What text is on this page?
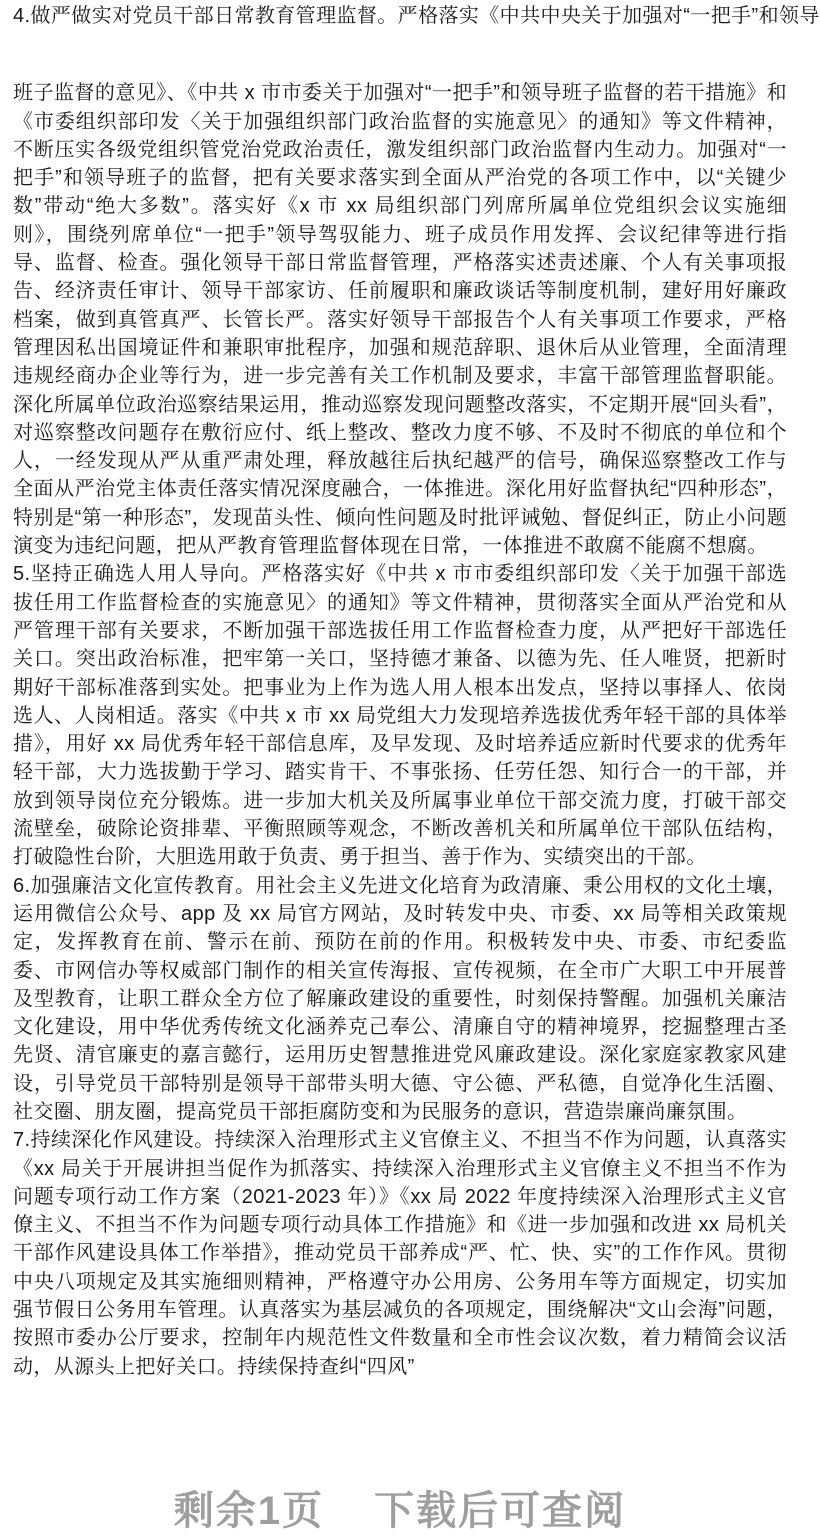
4.做严做实对党员干部日常教育管理监督。严格落实《中共中央关于加强对“一把手”和领导

班子监督的意见》、《中共 x 市市委关于加强对“一把手”和领导班子监督的若干措施》和《市委组织部印发〈关于加强组织部门政治监督的实施意见〉的通知》等文件精神，不断压实各级党组织管党治党政治责任，激发组织部门政治监督内生动力。加强对“一把手”和领导班子的监督，把有关要求落实到全面从严治党的各项工作中，以“关键少数”带动“绝大多数”。落实好《x 市 xx 局组织部门列席所属单位党组织会议实施细则》，围绕列席单位“一把手”领导驾驭能力、班子成员作用发挥、会议纪律等进行指导、监督、检查。强化领导干部日常监督管理，严格落实述责述廉、个人有关事项报告、经济责任审计、领导干部家访、任前履职和廉政谈话等制度机制，建好用好廉政档案，做到真管真严、长管长严。落实好领导干部报告个人有关事项工作要求，严格管理因私出国境证件和兼职审批程序，加强和规范辞职、退休后从业管理，全面清理违规经商办企业等行为，进一步完善有关工作机制及要求，丰富干部管理监督职能。深化所属单位政治巡察结果运用，推动巡察发现问题整改落实，不定期开展“回头看”，对巡察整改问题存在敷衍应付、纸上整改、整改力度不够、不及时不彻底的单位和个人，一经发现从严从重严肃处理，释放越往后执纪越严的信号，确保巡察整改工作与全面从严治党主体责任落实情况深度融合，一体推进。深化用好监督执纪“四种形态”，特别是“第一种形态”，发现苗头性、倾向性问题及时批评诫勉、督促纠正，防止小问题演变为违纪问题，把从严教育管理监督体现在日常，一体推进不敢腐不能腐不想腐。

5.坚持正确选人用人导向。严格落实好《中共 x 市市委组织部印发〈关于加强干部选拔任用工作监督检查的实施意见〉的通知》等文件精神，贯彻落实全面从严治党和从严管理干部有关要求，不断加强干部选拔任用工作监督检查力度，从严把好干部选任关口。突出政治标准，把牢第一关口，坚持德才兼备、以德为先、任人唯贤，把新时期好干部标准落到实处。把事业为上作为选人用人根本出发点，坚持以事择人、依岗选人、人岗相适。落实《中共 x 市 xx 局党组大力发现培养选拔优秀年轻干部的具体举措》，用好 xx 局优秀年轻干部信息库，及早发现、及时培养适应新时代要求的优秀年轻干部，大力选拔勤于学习、踏实肯干、不事张扬、任劳任怨、知行合一的干部，并放到领导岗位充分锻炼。进一步加大机关及所属事业单位干部交流力度，打破干部交流壁垒，破除论资排辈、平衡照顾等观念，不断改善机关和所属单位干部队伍结构，打破隐性台阶，大胆选用敢于负责、勇于担当、善于作为、实绩突出的干部。

6.加强廉洁文化宣传教育。用社会主义先进文化培育为政清廉、秉公用权的文化土壤，运用微信公众号、app 及 xx 局官方网站，及时转发中央、市委、xx 局等相关政策规定，发挥教育在前、警示在前、预防在前的作用。积极转发中央、市委、市纪委监委、市网信办等权威部门制作的相关宣传海报、宣传视频，在全市广大职工中开展普及型教育，让职工群众全方位了解廉政建设的重要性，时刻保持警醒。加强机关廉洁文化建设，用中华优秀传统文化涵养克己奉公、清廉自守的精神境界，挖掘整理古圣先贤、清官廉吏的嘉言懿行，运用历史智慧推进党风廉政建设。深化家庭家教家风建设，引导党员干部特别是领导干部带头明大德、守公德、严私德，自觉净化生活圈、社交圈、朋友圈，提高党员干部拒腐防变和为民服务的意识，营造崇廉尚廉氛围。

7.持续深化作风建设。持续深入治理形式主义官僚主义、不担当不作为问题，认真落实《xx 局关于开展讲担当促作为抓落实、持续深入治理形式主义官僚主义不担当不作为问题专项行动工作方案（2021-2023 年）》《xx 局 2022 年度持续深入治理形式主义官僚主义、不担当不作为问题专项行动具体工作措施》和《进一步加强和改进 xx 局机关干部作风建设具体工作举措》，推动党员干部养成“严、忙、快、实”的工作作风。贯彻中央八项规定及其实施细则精神，严格遵守办公用房、公务用车等方面规定，切实加强节假日公务用车管理。认真落实为基层减负的各项规定，围绕解决“文山会海”问题，按照市委办公厅要求，控制年内规范性文件数量和全市性会议次数，着力精简会议活动，从源头上把好关口。持续保持查纠“四风”

剩余1页 下载后可查阅
